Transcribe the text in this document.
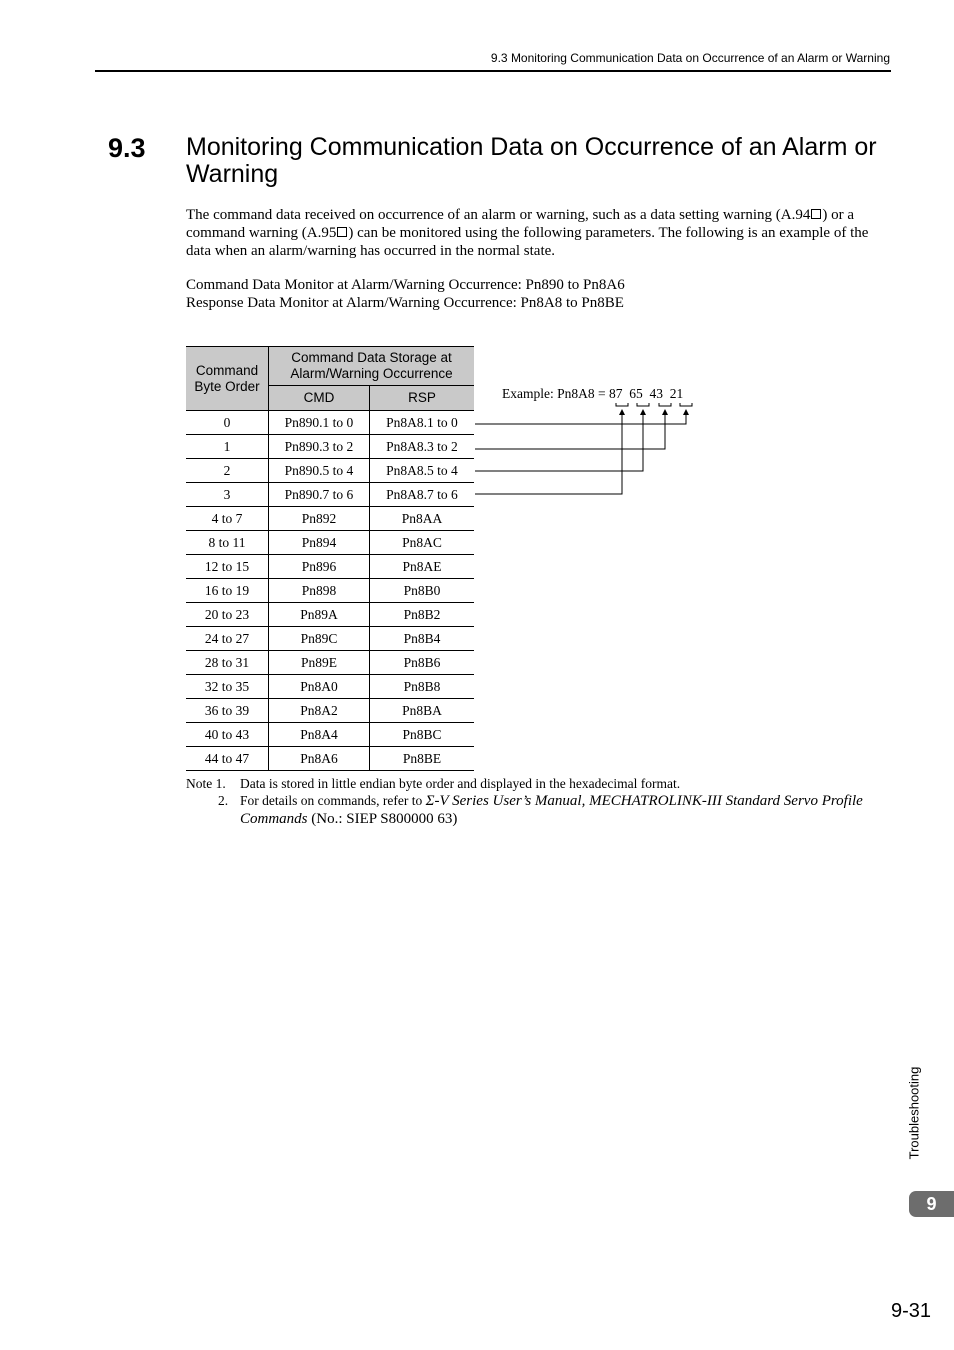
9.3 Monitoring Communication Data on Occurrence of an Alarm or Warning
9.3 Monitoring Communication Data on Occurrence of an Alarm or Warning
The command data received on occurrence of an alarm or warning, such as a data setting warning (A.94 ) or a command warning (A.95 ) can be monitored using the following parameters. The following is an example of the data when an alarm/warning has occurred in the normal state.
Command Data Monitor at Alarm/Warning Occurrence: Pn890 to Pn8A6
Response Data Monitor at Alarm/Warning Occurrence: Pn8A8 to Pn8BE
Command Byte Order	Command Data Storage at Alarm/Warning Occurrence	
	CMD	RSP
0	Pn890.1 to 0	Pn8A8.1 to 0
1	Pn890.3 to 2	Pn8A8.3 to 2
2	Pn890.5 to 4	Pn8A8.5 to 4
3	Pn890.7 to 6	Pn8A8.7 to 6
4 to 7	Pn892	Pn8AA
8 to 11	Pn894	Pn8AC
12 to 15	Pn896	Pn8AE
16 to 19	Pn898	Pn8B0
20 to 23	Pn89A	Pn8B2
24 to 27	Pn89C	Pn8B4
28 to 31	Pn89E	Pn8B6
32 to 35	Pn8A0	Pn8B8
36 to 39	Pn8A2	Pn8BA
40 to 43	Pn8A4	Pn8BC
44 to 47	Pn8A6	Pn8BE
Example: Pn8A8 = 87  65  43  21
Note 1. Data is stored in little endian byte order and displayed in the hexadecimal format.
2. For details on commands, refer to Σ-V Series User’s Manual, MECHATROLINK-III Standard Servo Profile Commands (No.: SIEP S800000 63)
Troubleshooting
9
9-31
